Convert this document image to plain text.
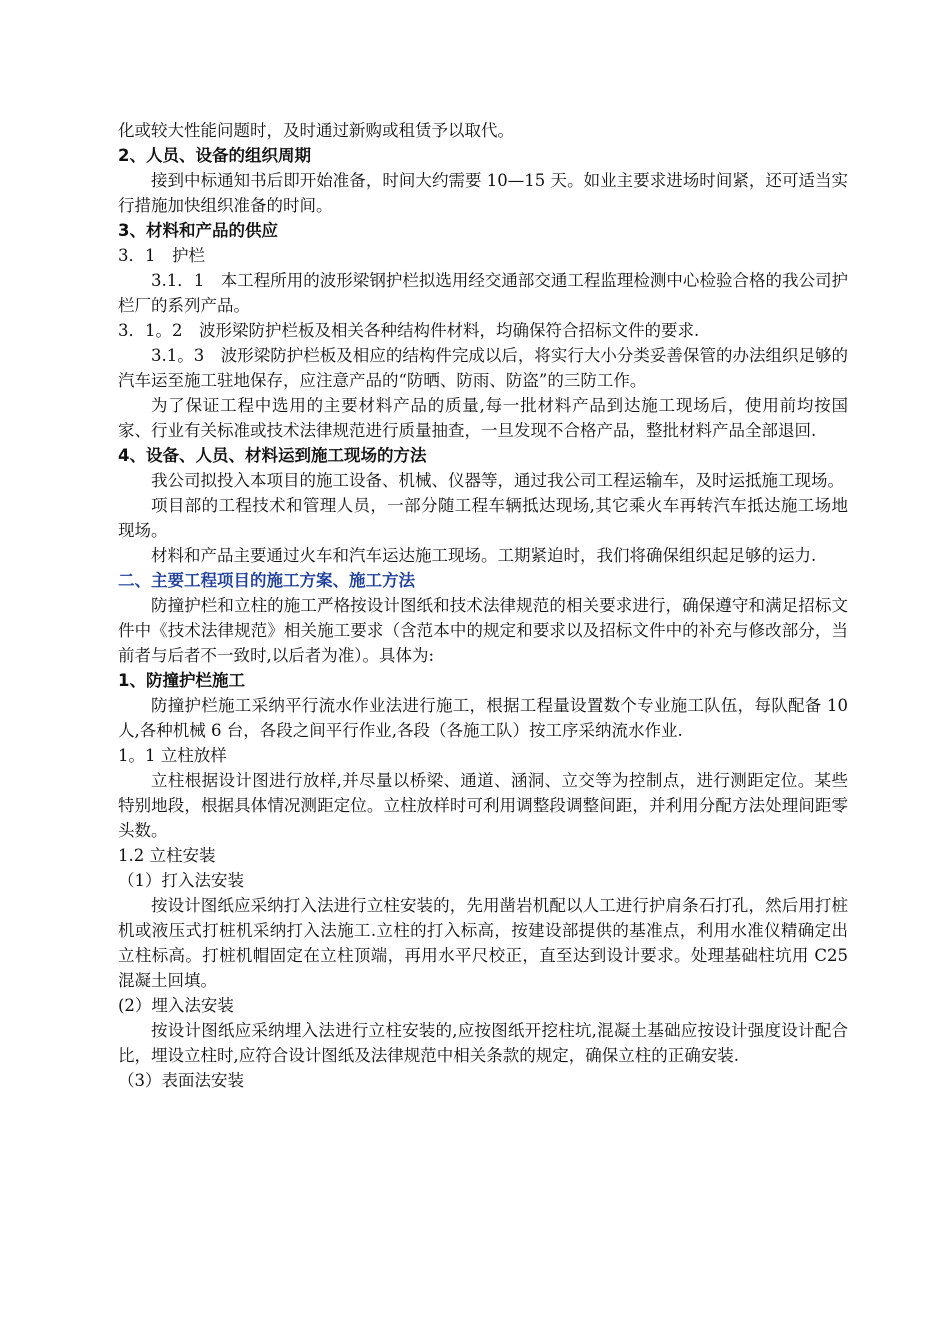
化或较大性能问题时，及时通过新购或租赁予以取代。

2、人员、设备的组织周期

接到中标通知书后即开始准备，时间大约需要 10—15 天。如业主要求进场时间紧，还可适当实行措施加快组织准备的时间。

3、材料和产品的供应

3．1　护栏

3.1．1　本工程所用的波形梁钢护栏拟选用经交通部交通工程监理检测中心检验合格的我公司护栏厂的系列产品。

3．1。2　波形梁防护栏板及相关各种结构件材料，均确保符合招标文件的要求.

3.1。3　波形梁防护栏板及相应的结构件完成以后，将实行大小分类妥善保管的办法组织足够的汽车运至施工驻地保存，应注意产品的“防晒、防雨、防盗”的三防工作。

为了保证工程中选用的主要材料产品的质量,每一批材料产品到达施工现场后，使用前均按国家、行业有关标准或技术法律规范进行质量抽查，一旦发现不合格产品，整批材料产品全部退回.

4、设备、人员、材料运到施工现场的方法

我公司拟投入本项目的施工设备、机械、仪器等，通过我公司工程运输车，及时运抵施工现场。

项目部的工程技术和管理人员，一部分随工程车辆抵达现场,其它乘火车再转汽车抵达施工场地现场。

材料和产品主要通过火车和汽车运达施工现场。工期紧迫时，我们将确保组织起足够的运力.

二、主要工程项目的施工方案、施工方法

防撞护栏和立柱的施工严格按设计图纸和技术法律规范的相关要求进行，确保遵守和满足招标文件中《技术法律规范》相关施工要求（含范本中的规定和要求以及招标文件中的补充与修改部分，当前者与后者不一致时,以后者为准）。具体为:

1、防撞护栏施工

防撞护栏施工采纳平行流水作业法进行施工，根据工程量设置数个专业施工队伍，每队配备 10 人,各种机械 6 台，各段之间平行作业,各段（各施工队）按工序采纳流水作业.

1。1 立柱放样

立柱根据设计图进行放样,并尽量以桥梁、通道、涵洞、立交等为控制点，进行测距定位。某些特别地段，根据具体情况测距定位。立柱放样时可利用调整段调整间距，并利用分配方法处理间距零头数。

1.2 立柱安装

（1）打入法安装

按设计图纸应采纳打入法进行立柱安装的，先用凿岩机配以人工进行护肩条石打孔，然后用打桩机或液压式打桩机采纳打入法施工.立柱的打入标高，按建设部提供的基准点，利用水准仪精确定出立柱标高。打桩机帽固定在立柱顶端，再用水平尺校正，直至达到设计要求。处理基础柱坑用 C25 混凝土回填。

(2）埋入法安装

按设计图纸应采纳埋入法进行立柱安装的,应按图纸开挖柱坑,混凝土基础应按设计强度设计配合比，埋设立柱时,应符合设计图纸及法律规范中相关条款的规定，确保立柱的正确安装.

（3）表面法安装
